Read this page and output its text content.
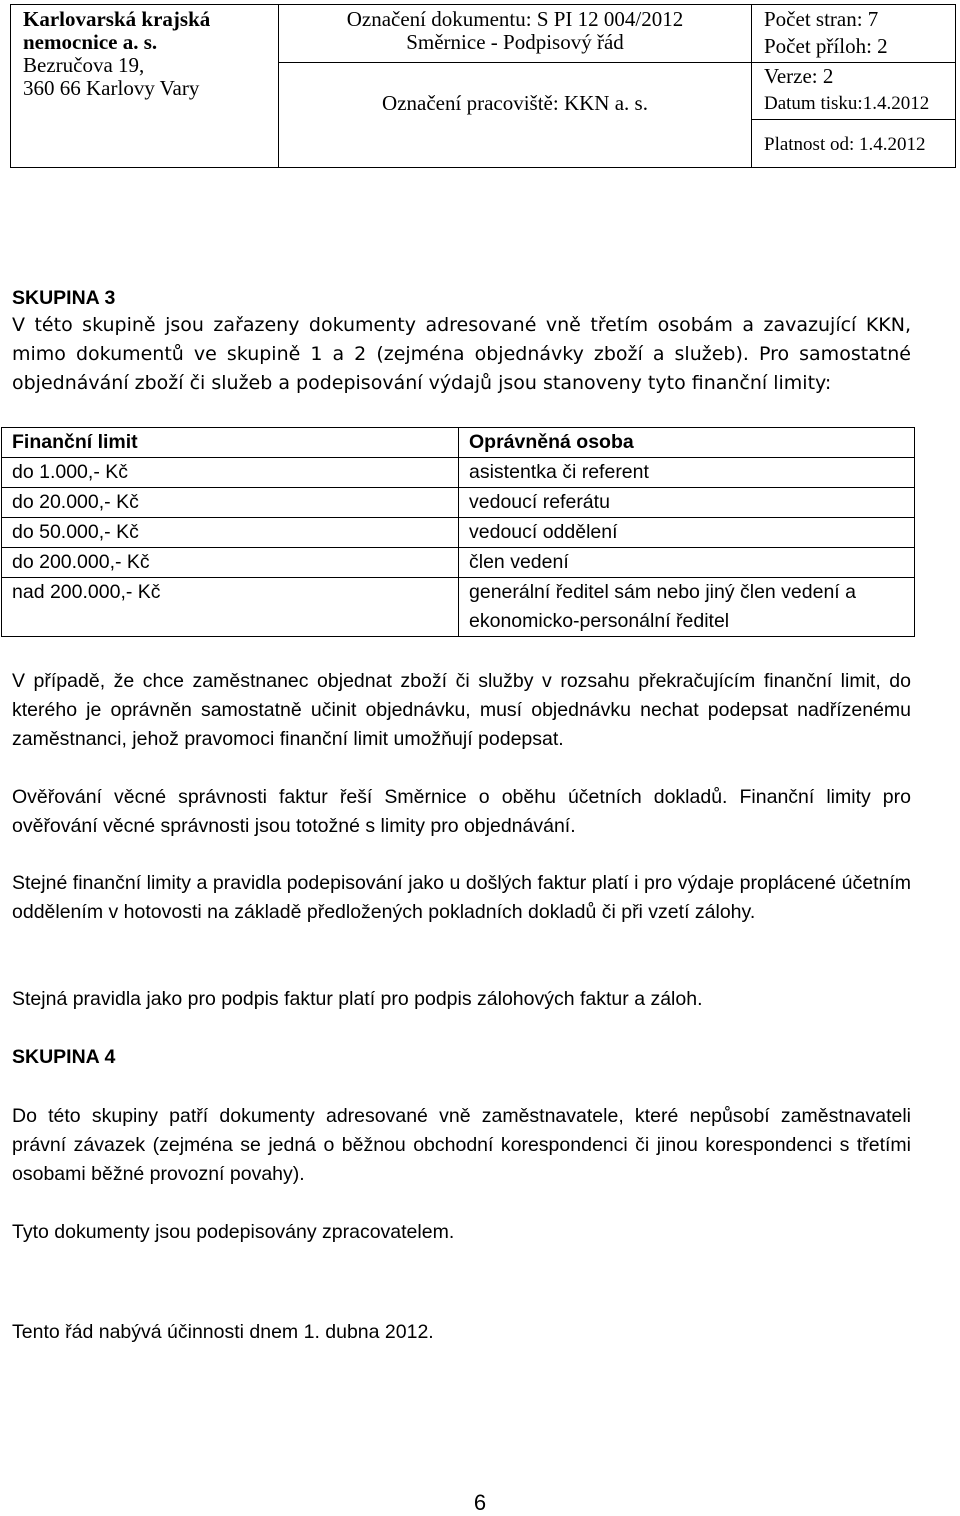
Karlovarská krajská
nemocnice a. s.
Bezručova 19,
360 66 Karlovy Vary
Označení dokumentu: S PI 12 004/2012
Směrnice - Podpisový řád
Označení pracoviště: KKN a. s.
Počet stran: 7
Počet příloh: 2
Verze: 2
Datum tisku:1.4.2012
Platnost od: 1.4.2012
SKUPINA 3
V této skupině jsou zařazeny dokumenty adresované vně třetím osobám a zavazující KKN, mimo dokumentů ve skupině 1 a 2 (zejména objednávky zboží a služeb). Pro samostatné objednávání zboží či služeb a podepisování výdajů jsou stanoveny tyto finanční limity:
Finanční limit	Oprávněná osoba
do 1.000,- Kč	asistentka či referent
do 20.000,- Kč	vedoucí referátu
do 50.000,- Kč	vedoucí oddělení
do 200.000,- Kč	člen vedení
nad 200.000,- Kč	generální ředitel sám nebo jiný člen vedení a ekonomicko-personální ředitel
V případě, že chce zaměstnanec objednat zboží či služby v rozsahu překračujícím finanční limit, do kterého je oprávněn samostatně učinit objednávku, musí objednávku nechat podepsat nadřízenému zaměstnanci, jehož pravomoci finanční limit umožňují podepsat.
Ověřování věcné správnosti faktur řeší Směrnice o oběhu účetních dokladů. Finanční limity pro ověřování věcné správnosti jsou totožné s limity pro objednávání.
Stejné finanční limity a pravidla podepisování jako u došlých faktur platí i pro výdaje proplácené účetním oddělením v hotovosti na základě předložených pokladních dokladů či při vzetí zálohy.
Stejná pravidla jako pro podpis faktur platí pro podpis zálohových faktur a záloh.
SKUPINA 4
Do této skupiny patří dokumenty adresované vně zaměstnavatele, které nepůsobí zaměstnavateli právní závazek (zejména se jedná o běžnou obchodní korespondenci či jinou korespondenci s třetími osobami běžné provozní povahy).
Tyto dokumenty jsou podepisovány zpracovatelem.
Tento řád nabývá účinnosti dnem 1. dubna 2012.
6
